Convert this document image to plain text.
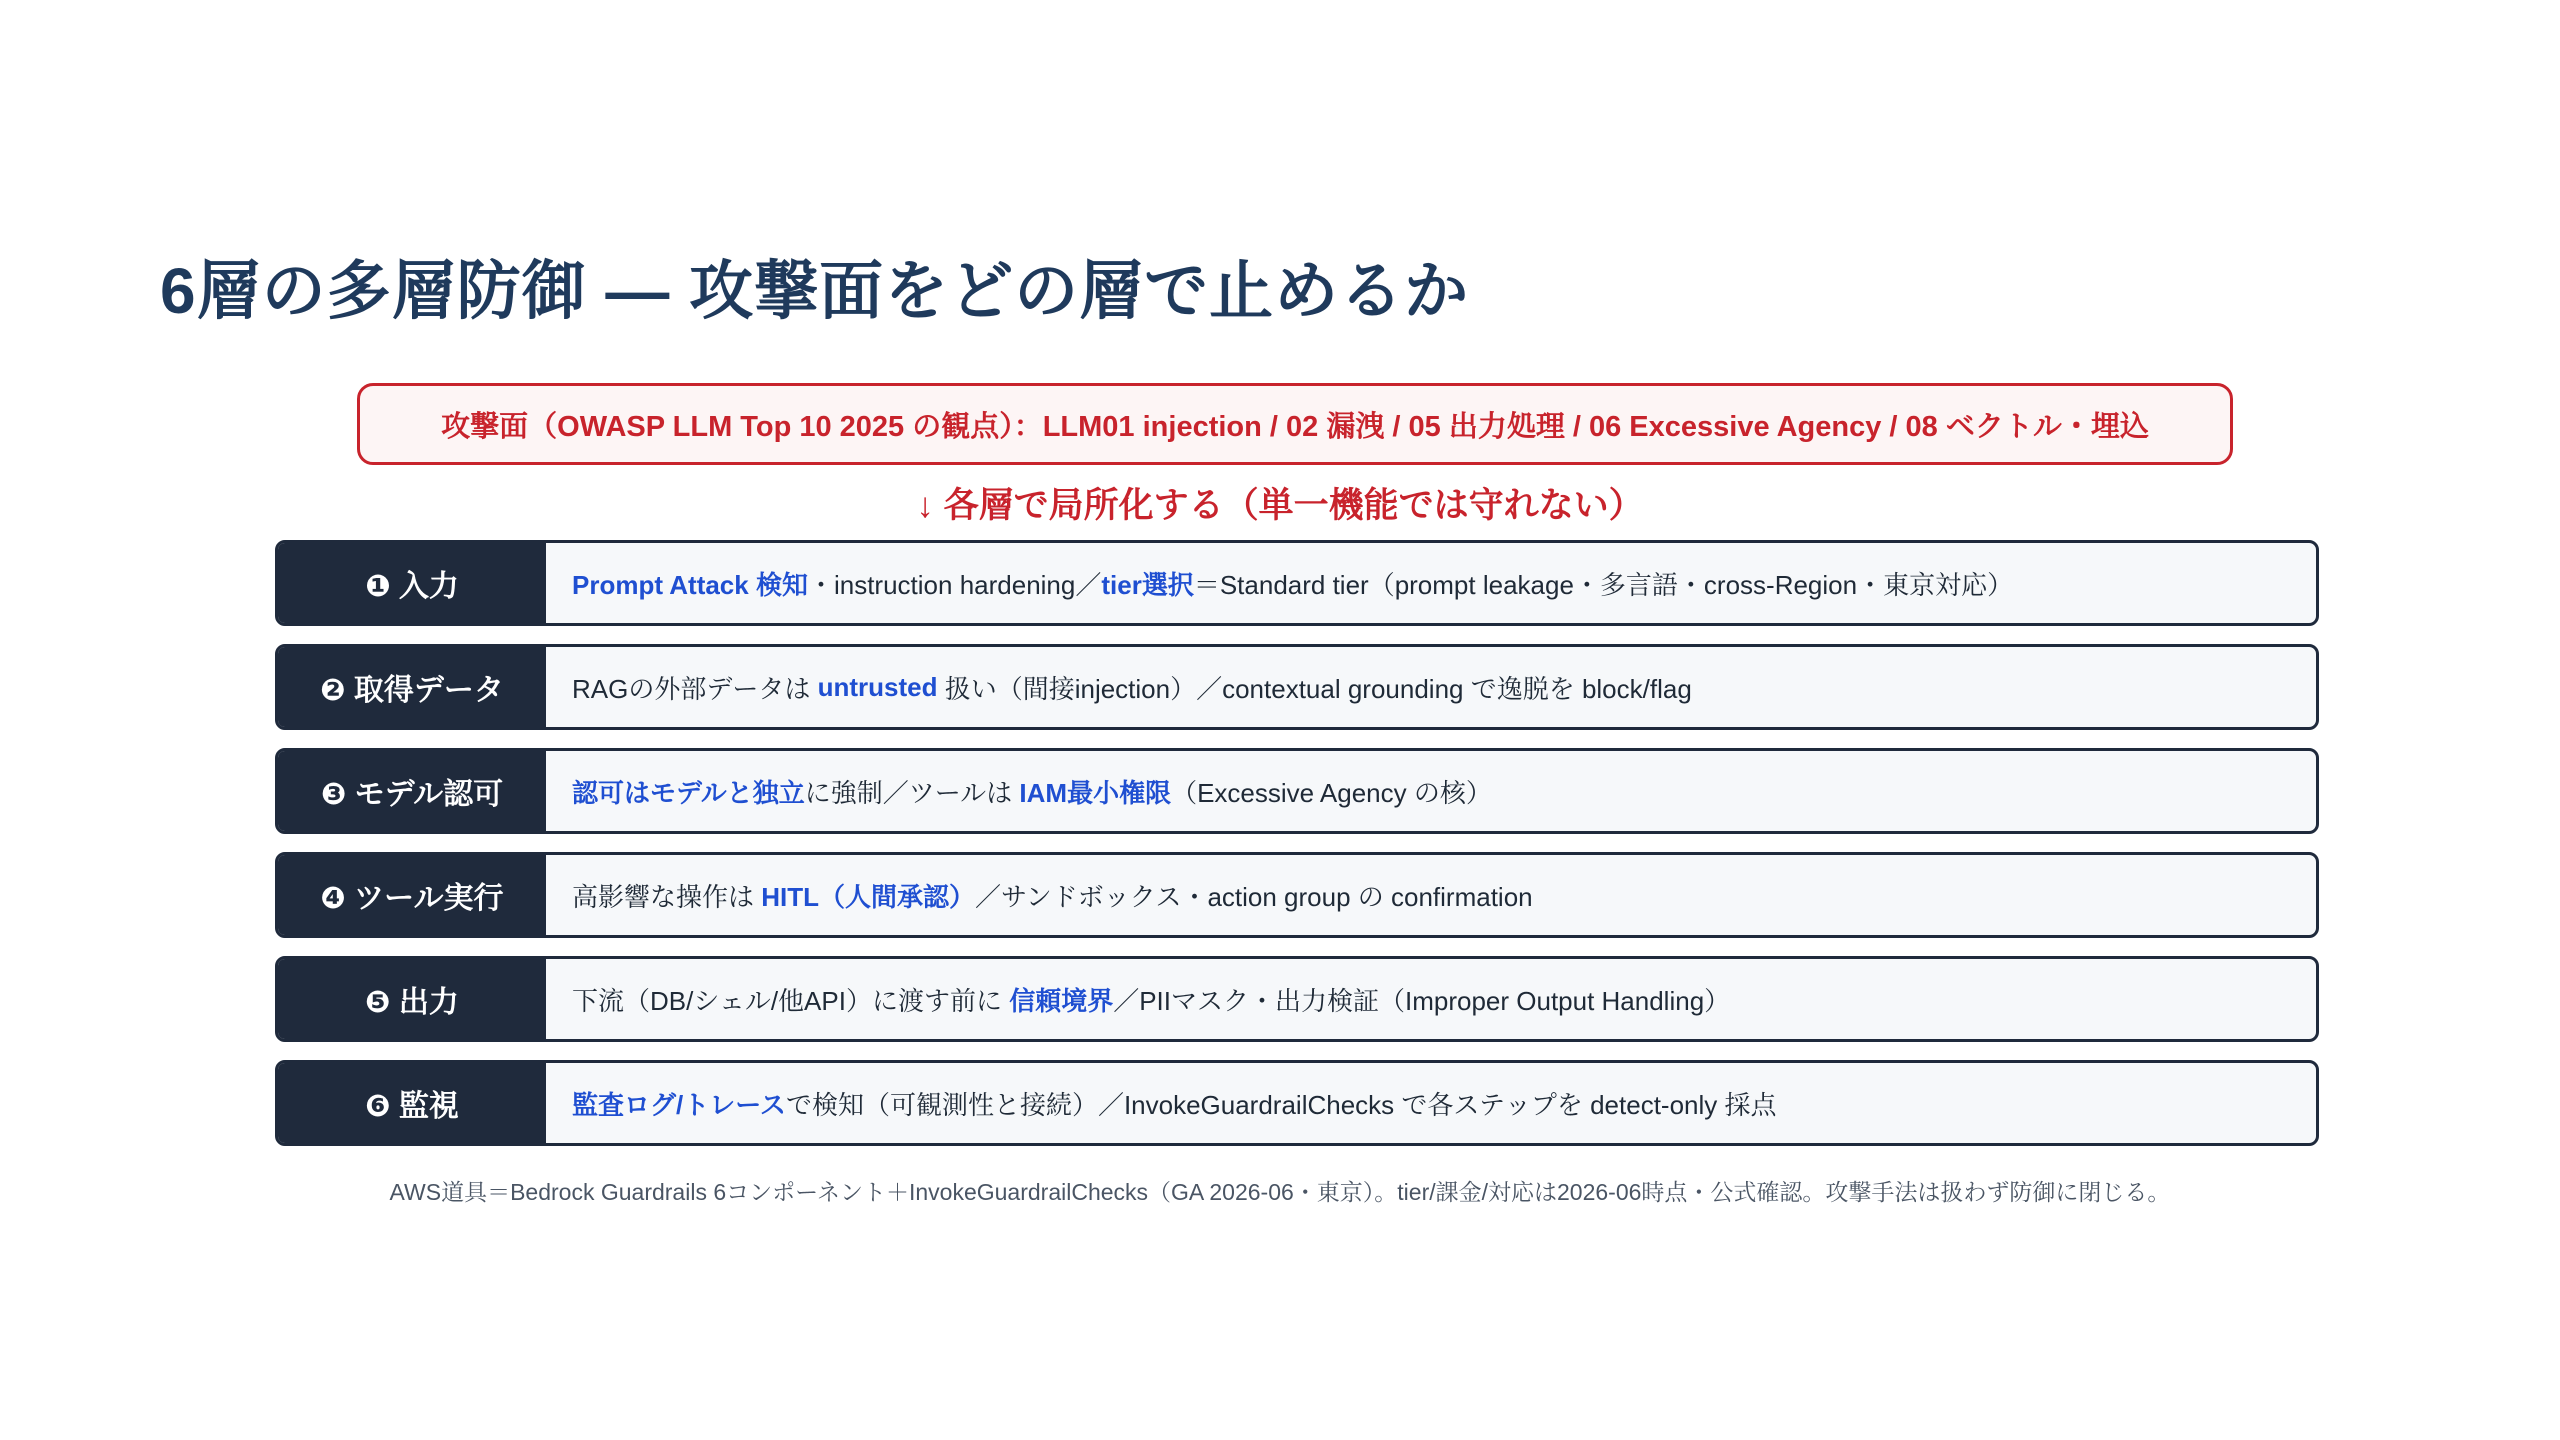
6層の多層防御 — 攻撃面をどの層で止めるか
攻撃面（OWASP LLM Top 10 2025 の観点）：LLM01 injection / 02 漏洩 / 05 出力処理 / 06 Excessive Agency / 08 ベクトル・埋込
↓ 各層で局所化する（単一機能では守れない）
❶ 入力	Prompt Attack 検知 ・instruction hardening／ tier選択 ＝Standard tier（prompt leakage・多言語・cross-Region・東京対応）
❷ 取得データ	RAGの外部データは
untrusted
扱い（間接injection）／contextual grounding で逸脱を block/flag
❸ モデル認可	認可はモデルと独立 に強制／ツールは
IAM最小権限 （Excessive Agency の核）
❹ ツール実行	高影響な操作は
HITL（人間承認） ／サンドボックス・action group の confirmation
❺ 出力	下流（DB/シェル/他API）に渡す前に
信頼境界 ／PIIマスク・出力検証（Improper Output Handling）
❻ 監視	監査ログ/トレース で検知（可観測性と接続）／InvokeGuardrailChecks で各ステップを detect-only 採点
AWS道具＝Bedrock Guardrails 6コンポーネント＋InvokeGuardrailChecks（GA 2026-06・東京）。tier/課金/対応は2026-06時点・公式確認。攻撃手法は扱わず防御に閉じる。
